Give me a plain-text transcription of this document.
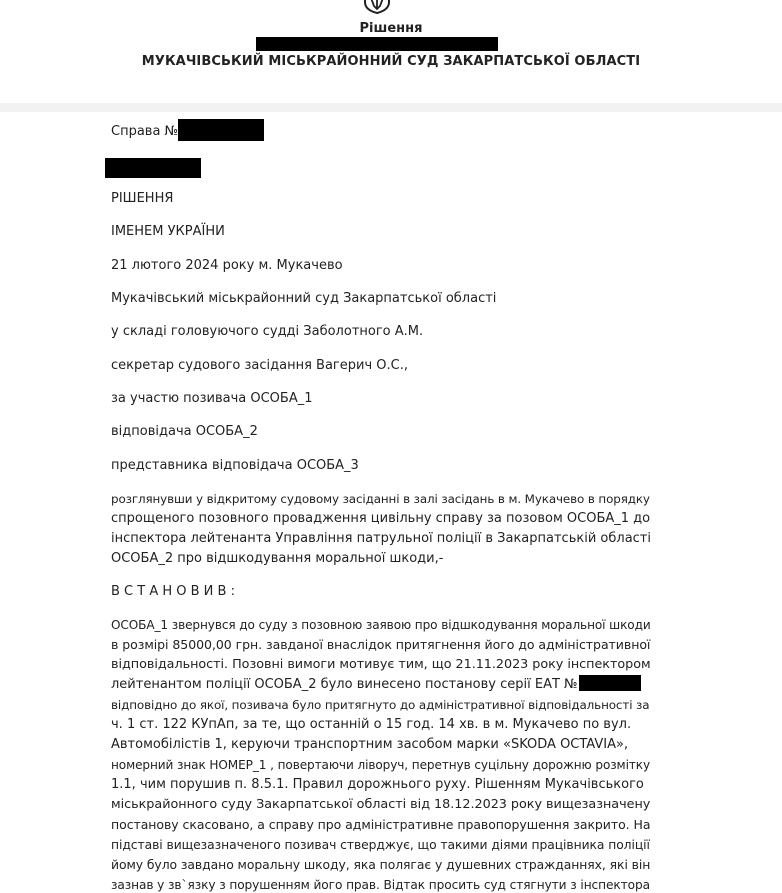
Рішення
МУКАЧІВСЬКИЙ МІСЬКРАЙОННИЙ СУД ЗАКАРПАТСЬКОЇ ОБЛАСТІ
Справа №
РІШЕННЯ
ІМЕНЕМ УКРАЇНИ
21 лютого 2024 року м. Мукачево
Мукачівський міськрайонний суд Закарпатської області
у складі головуючого судді Заболотного А.М.
секретар судового засідання Вагерич О.С.,
за участю позивача ОСОБА_1
відповідача ОСОБА_2
представника відповідача ОСОБА_3
розглянувши у відкритому судовому засіданні в залі засідань в м. Мукачево в порядку
спрощеного позовного провадження цивільну справу за позовом ОСОБА_1 до
інспектора лейтенанта Управління патрульної поліції в Закарпатській області
ОСОБА_2 про відшкодування моральної шкоди,-
В С Т А Н О В И В :
ОСОБА_1 звернувся до суду з позовною заявою про відшкодування моральної шкоди
в розмірі 85000,00 грн. завданої внаслідок притягнення його до адміністративної
відповідальності. Позовні вимоги мотивує тим, що 21.11.2023 року інспектором
лейтенантом поліції ОСОБА_2 було винесено постанову серії ЕАТ №
відповідно до якої, позивача було притягнуто до адміністративної відповідальності за
ч. 1 ст. 122 КУпАп, за те, що останній о 15 год. 14 хв. в м. Мукачево по вул.
Автомобілістів 1, керуючи транспортним засобом марки «SKODA OCTAVIA»,
номерний знак НОМЕР_1 , повертаючи ліворуч, перетнув суцільну дорожню розмітку
1.1, чим порушив п. 8.5.1. Правил дорожнього руху. Рішенням Мукачівського
міськрайонного суду Закарпатської області від 18.12.2023 року вищезазначену
постанову скасовано, а справу про адміністративне правопорушення закрито. На
підставі вищезазначеного позивач стверджує, що такими діями працівника поліції
йому було завдано моральну шкоду, яка полягає у душевних стражданнях, які він
зазнав у зв`язку з порушенням його прав. Відтак просить суд стягнути з інспектора
